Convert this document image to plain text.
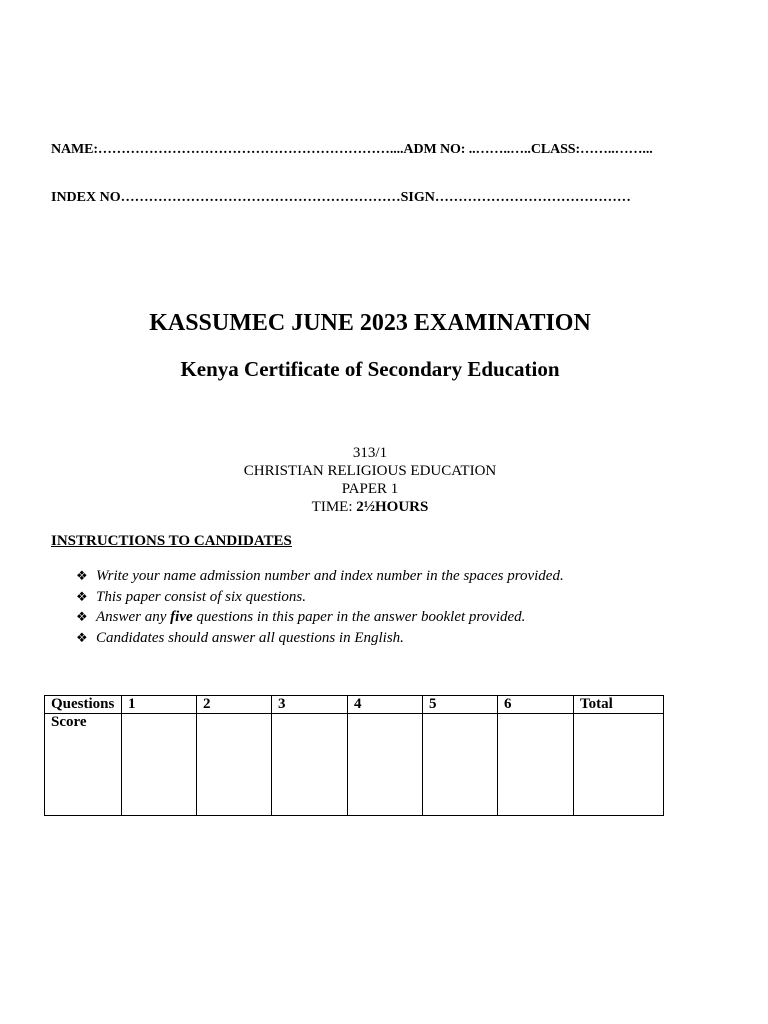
NAME:………………………………………………………....ADM NO: ..……..…..CLASS:……..……...
INDEX NO……………………………………………………SIGN……………………………………
KASSUMEC JUNE 2023 EXAMINATION
Kenya Certificate of Secondary Education
313/1
CHRISTIAN RELIGIOUS EDUCATION
PAPER 1
TIME: 2½HOURS
INSTRUCTIONS TO CANDIDATES
❖ Write your name admission number and index number in the spaces provided.
❖ This paper consist of six questions.
❖ Answer any five questions in this paper in the answer booklet provided.
❖ Candidates should answer all questions in English.
Questions	1	2	3	4	5	6	Total
Score							
